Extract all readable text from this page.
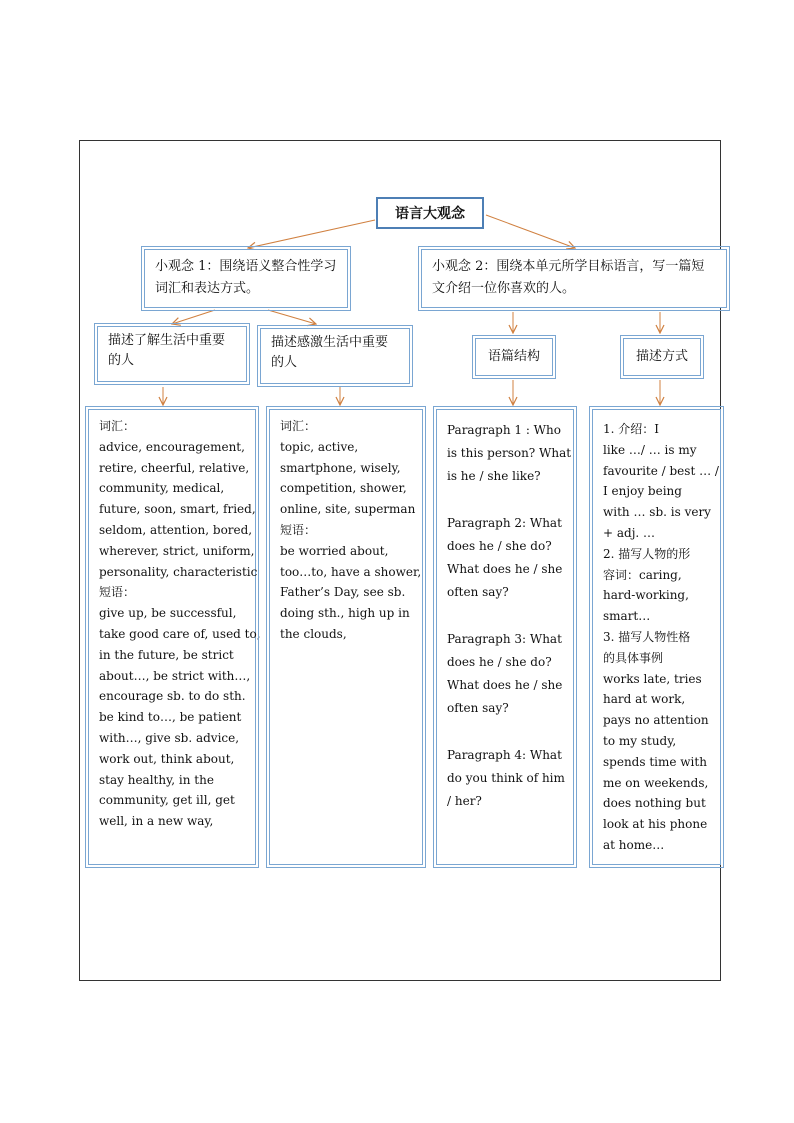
语言大观念
小观念 1：围绕语义整合性学习词汇和表达方式。
小观念 2：围绕本单元所学目标语言，写一篇短文介绍一位你喜欢的人。
描述了解生活中重要的人
描述感激生活中重要的人	语篇结构	描述方式
词汇：
advice, encouragement,
retire, cheerful, relative,
community, medical,
future, soon, smart, fried,
seldom, attention, bored,
wherever, strict, uniform,
personality, characteristic
短语：
give up, be successful,
take good care of, used to,
in the future, be strict
about…, be strict with…,
encourage sb. to do sth.
be kind to…, be patient
with…, give sb. advice,
work out, think about,
stay healthy, in the
community, get ill, get
well, in a new way,
词汇：
topic, active,
smartphone, wisely,
competition, shower,
online, site, superman
短语：
be worried about,
too…to, have a shower,
Father’s Day, see sb.
doing sth., high up in
the clouds,
Paragraph 1 : Who
is this person? What
is he / she like?
Paragraph 2: What
does he / she do?
What does he / she
often say?
Paragraph 3: What
does he / she do?
What does he / she
often say?
Paragraph 4: What
do you think of him
/ her?
1. 介绍：I
like …/ … is my
favourite / best … /
I enjoy being
with … sb. is very
+ adj. …
2. 描写人物的形
容词：caring,
hard-working,
smart…
3. 描写人物性格
的具体事例
works late, tries
hard at work,
pays no attention
to my study,
spends time with
me on weekends,
does nothing but
look at his phone
at home…
